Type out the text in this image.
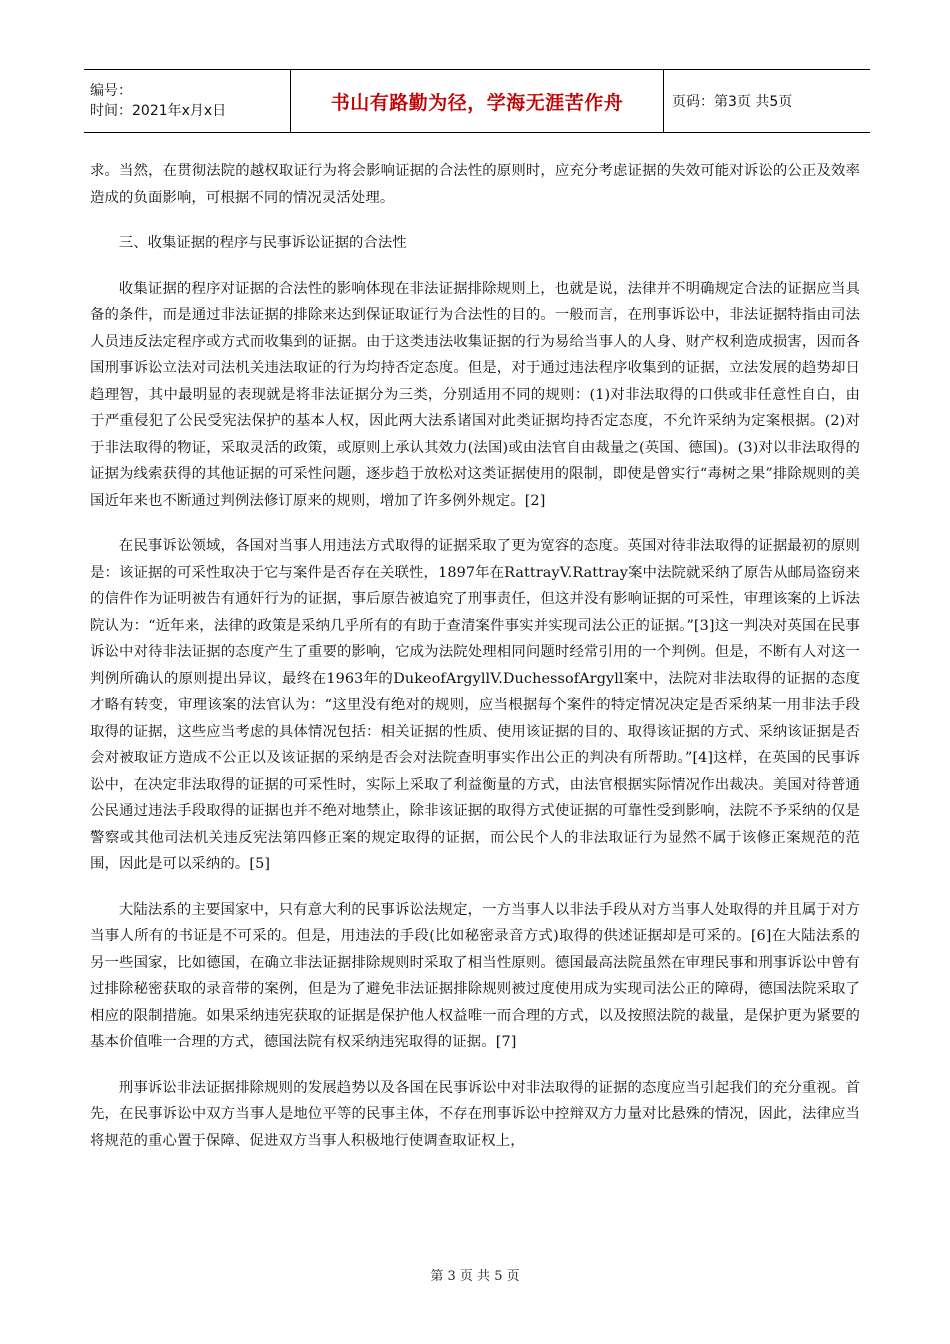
编号：
时间：2021年x月x日	书山有路勤为径，学海无涯苦作舟	页码：第3页 共5页

求。当然，在贯彻法院的越权取证行为将会影响证据的合法性的原则时，应充分考虑证据的失效可能对诉讼的公正及效率造成的负面影响，可根据不同的情况灵活处理。

三、收集证据的程序与民事诉讼证据的合法性

收集证据的程序对证据的合法性的影响体现在非法证据排除规则上，也就是说，法律并不明确规定合法的证据应当具备的条件，而是通过非法证据的排除来达到保证取证行为合法性的目的。一般而言，在刑事诉讼中，非法证据特指由司法人员违反法定程序或方式而收集到的证据。由于这类违法收集证据的行为易给当事人的人身、财产权利造成损害，因而各国刑事诉讼立法对司法机关违法取证的行为均持否定态度。但是，对于通过违法程序收集到的证据，立法发展的趋势却日趋理智，其中最明显的表现就是将非法证据分为三类，分别适用不同的规则：(1)对非法取得的口供或非任意性自白，由于严重侵犯了公民受宪法保护的基本人权，因此两大法系诸国对此类证据均持否定态度，不允许采纳为定案根据。(2)对于非法取得的物证，采取灵活的政策，或原则上承认其效力(法国)或由法官自由裁量之(英国、德国)。(3)对以非法取得的证据为线索获得的其他证据的可采性问题，逐步趋于放松对这类证据使用的限制，即使是曾实行“毒树之果”排除规则的美国近年来也不断通过判例法修订原来的规则，增加了许多例外规定。[2]

在民事诉讼领域，各国对当事人用违法方式取得的证据采取了更为宽容的态度。英国对待非法取得的证据最初的原则是：该证据的可采性取决于它与案件是否存在关联性，1897年在RattrayV.Rattray案中法院就采纳了原告从邮局盗窃来的信件作为证明被告有通奸行为的证据，事后原告被追究了刑事责任，但这并没有影响证据的可采性，审理该案的上诉法院认为：“近年来，法律的政策是采纳几乎所有的有助于查清案件事实并实现司法公正的证据。”[3]这一判决对英国在民事诉讼中对待非法证据的态度产生了重要的影响，它成为法院处理相同问题时经常引用的一个判例。但是，不断有人对这一判例所确认的原则提出异议，最终在1963年的DukeofArgyllV.DuchessofArgyll案中，法院对非法取得的证据的态度才略有转变，审理该案的法官认为：“这里没有绝对的规则，应当根据每个案件的特定情况决定是否采纳某一用非法手段取得的证据，这些应当考虑的具体情况包括：相关证据的性质、使用该证据的目的、取得该证据的方式、采纳该证据是否会对被取证方造成不公正以及该证据的采纳是否会对法院查明事实作出公正的判决有所帮助。”[4]这样，在英国的民事诉讼中，在决定非法取得的证据的可采性时，实际上采取了利益衡量的方式，由法官根据实际情况作出裁决。美国对待普通公民通过违法手段取得的证据也并不绝对地禁止，除非该证据的取得方式使证据的可靠性受到影响，法院不予采纳的仅是警察或其他司法机关违反宪法第四修正案的规定取得的证据，而公民个人的非法取证行为显然不属于该修正案规范的范围，因此是可以采纳的。[5]

大陆法系的主要国家中，只有意大利的民事诉讼法规定，一方当事人以非法手段从对方当事人处取得的并且属于对方当事人所有的书证是不可采的。但是，用违法的手段(比如秘密录音方式)取得的供述证据却是可采的。[6]在大陆法系的另一些国家，比如德国，在确立非法证据排除规则时采取了相当性原则。德国最高法院虽然在审理民事和刑事诉讼中曾有过排除秘密获取的录音带的案例，但是为了避免非法证据排除规则被过度使用成为实现司法公正的障碍，德国法院采取了相应的限制措施。如果采纳违宪获取的证据是保护他人权益唯一而合理的方式，以及按照法院的裁量，是保护更为紧要的基本价值唯一合理的方式，德国法院有权采纳违宪取得的证据。[7]

刑事诉讼非法证据排除规则的发展趋势以及各国在民事诉讼中对非法取得的证据的态度应当引起我们的充分重视。首先，在民事诉讼中双方当事人是地位平等的民事主体，不存在刑事诉讼中控辩双方力量对比悬殊的情况，因此，法律应当将规范的重心置于保障、促进双方当事人积极地行使调查取证权上，

第 3 页 共 5 页
